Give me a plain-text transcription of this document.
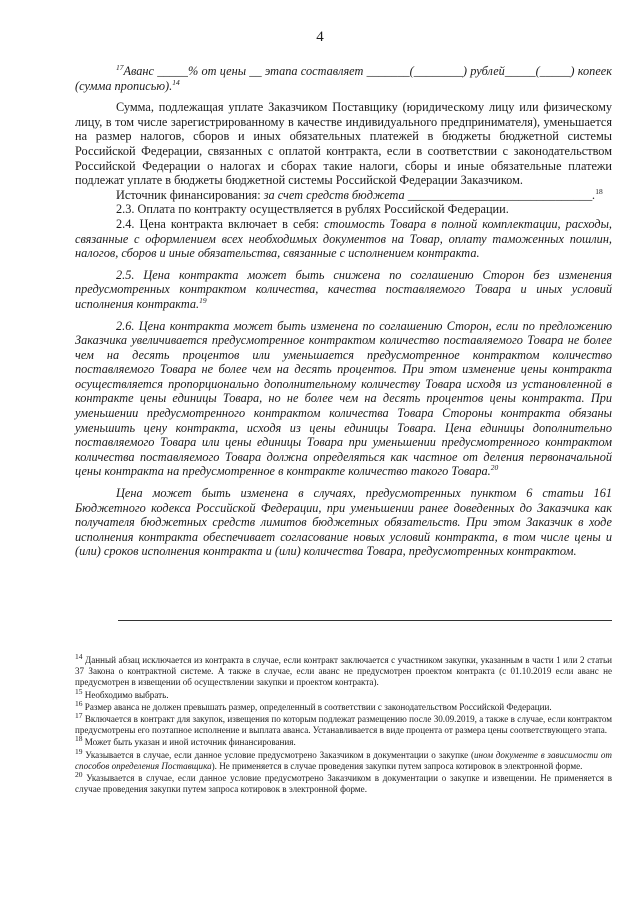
4

$^{17}$Аванс _____% от цены __ этапа составляет _______(________) рублей_____(_____) копеек (сумма прописью).$^{14}$

Сумма, подлежащая уплате Заказчиком Поставщику (юридическому лицу или физическому лицу, в том числе зарегистрированному в качестве индивидуального предпринимателя), уменьшается на размер налогов, сборов и иных обязательных платежей в бюджеты бюджетной системы Российской Федерации, связанных с оплатой контракта, если в соответствии с законодательством Российской Федерации о налогах и сборах такие налоги, сборы и иные обязательные платежи подлежат уплате в бюджеты бюджетной системы Российской Федерации Заказчиком.

Источник финансирования: за счет средств бюджета ______________________________.$^{18}$

2.3. Оплата по контракту осуществляется в рублях Российской Федерации.

2.4. Цена контракта включает в себя: стоимость Товара в полной комплектации, расходы, связанные с оформлением всех необходимых документов на Товар, оплату таможенных пошлин, налогов, сборов и иные обязательства, связанные с исполнением контракта.

2.5. Цена контракта может быть снижена по соглашению Сторон без изменения предусмотренных контрактом количества, качества поставляемого Товара и иных условий исполнения контракта.$^{19}$

2.6. Цена контракта может быть изменена по соглашению Сторон, если по предложению Заказчика увеличивается предусмотренное контрактом количество поставляемого Товара не более чем на десять процентов или уменьшается предусмотренное контрактом количество поставляемого Товара не более чем на десять процентов. При этом изменение цены контракта осуществляется пропорционально дополнительному количеству Товара исходя из установленной в контракте цены единицы Товара, но не более чем на десять процентов цены контракта. При уменьшении предусмотренного контрактом количества Товара Стороны контракта обязаны уменьшить цену контракта, исходя из цены единицы Товара. Цена единицы дополнительно поставляемого Товара или цены единицы Товара при уменьшении предусмотренного контрактом количества поставляемого Товара должна определяться как частное от деления первоначальной цены контракта на предусмотренное в контракте количество такого Товара.$^{20}$

Цена может быть изменена в случаях, предусмотренных пунктом 6 статьи 161 Бюджетного кодекса Российской Федерации, при уменьшении ранее доведенных до Заказчика как получателя бюджетных средств лимитов бюджетных обязательств. При этом Заказчик в ходе исполнения контракта обеспечивает согласование новых условий контракта, в том числе цены и (или) сроков исполнения контракта и (или) количества Товара, предусмотренных контрактом.

$^{14}$ Данный абзац исключается из контракта в случае, если контракт заключается с участником закупки, указанным в части 1 или 2 статьи 37 Закона о контрактной системе. А также в случае, если аванс не предусмотрен проектом контракта (с 01.10.2019 если аванс не предусмотрен в извещении об осуществлении закупки и проектом контракта).

$^{15}$ Необходимо выбрать.

$^{16}$ Размер аванса не должен превышать размер, определенный в соответствии с законодательством Российской Федерации.

$^{17}$ Включается в контракт для закупок, извещения по которым подлежат размещению после 30.09.2019, а также в случае, если контрактом предусмотрены его поэтапное исполнение и выплата аванса. Устанавливается в виде процента от размера цены соответствующего этапа.

$^{18}$ Может быть указан и иной источник финансирования.

$^{19}$ Указывается в случае, если данное условие предусмотрено Заказчиком в документации о закупке (ином документе в зависимости от способов определения Поставщика). Не применяется в случае проведения закупки путем запроса котировок в электронной форме.

$^{20}$ Указывается в случае, если данное условие предусмотрено Заказчиком в документации о закупке и извещении. Не применяется в случае проведения закупки путем запроса котировок в электронной форме.
